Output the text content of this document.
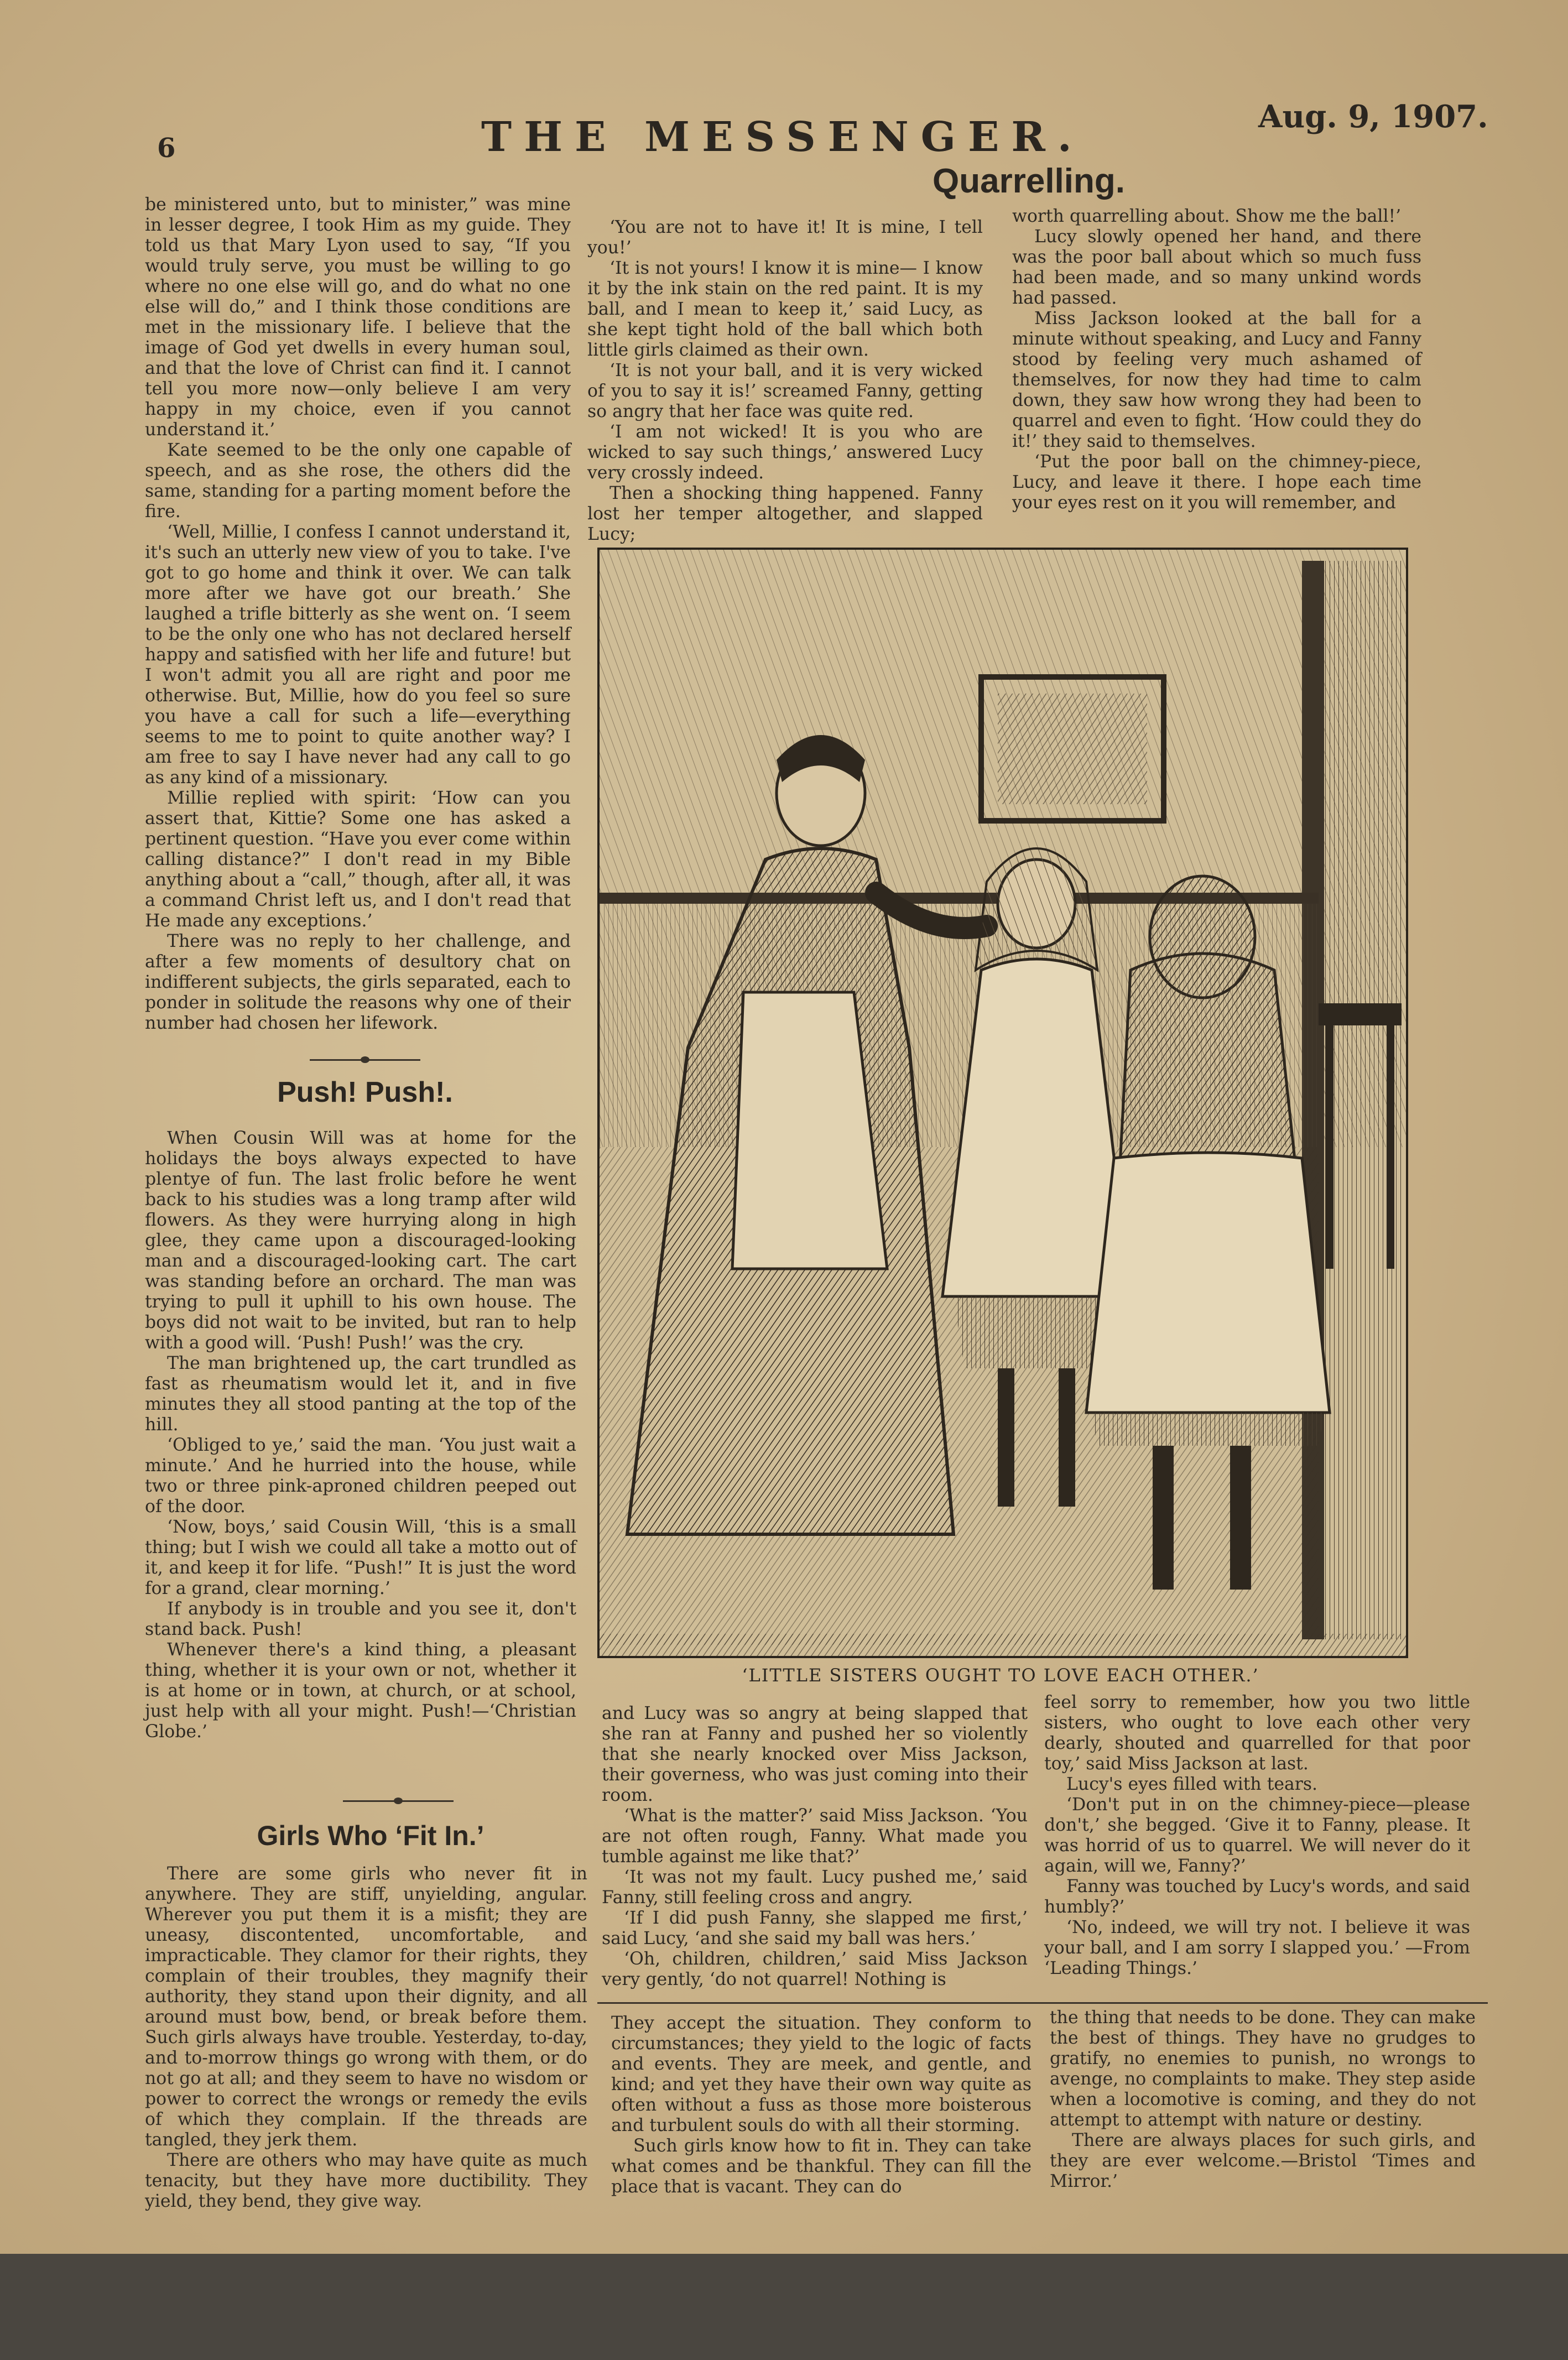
6	THE MESSENGER.	Aug. 9, 1907.

be ministered unto, but to minister,” was mine in lesser degree, I took Him as my guide. They told us that Mary Lyon used to say, “If you would truly serve, you must be willing to go where no one else will go, and do what no one else will do,” and I think those conditions are met in the missionary life. I believe that the image of God yet dwells in every human soul, and that the love of Christ can find it. I cannot tell you more now—only believe I am very happy in my choice, even if you cannot understand it.’

Kate seemed to be the only one capable of speech, and as she rose, the others did the same, standing for a parting moment before the fire.

‘Well, Millie, I confess I cannot understand it, it's such an utterly new view of you to take. I've got to go home and think it over. We can talk more after we have got our breath.’ She laughed a trifle bitterly as she went on. ‘I seem to be the only one who has not declared herself happy and satisfied with her life and future! but I won't admit you all are right and poor me otherwise. But, Millie, how do you feel so sure you have a call for such a life—everything seems to me to point to quite another way? I am free to say I have never had any call to go as any kind of a missionary.

Millie replied with spirit: ‘How can you assert that, Kittie? Some one has asked a pertinent question. “Have you ever come within calling distance?” I don't read in my Bible anything about a “call,” though, after all, it was a command Christ left us, and I don't read that He made any exceptions.’

There was no reply to her challenge, and after a few moments of desultory chat on indifferent subjects, the girls separated, each to ponder in solitude the reasons why one of their number had chosen her lifework.

Push! Push!.

When Cousin Will was at home for the holidays the boys always expected to have plentye of fun. The last frolic before he went back to his studies was a long tramp after wild flowers. As they were hurrying along in high glee, they came upon a discouraged-looking man and a discouraged-looking cart. The cart was standing before an orchard. The man was trying to pull it uphill to his own house. The boys did not wait to be invited, but ran to help with a good will. ‘Push! Push!’ was the cry.

The man brightened up, the cart trundled as fast as rheumatism would let it, and in five minutes they all stood panting at the top of the hill.

‘Obliged to ye,’ said the man. ‘You just wait a minute.’ And he hurried into the house, while two or three pink-aproned children peeped out of the door.

‘Now, boys,’ said Cousin Will, ‘this is a small thing; but I wish we could all take a motto out of it, and keep it for life. “Push!” It is just the word for a grand, clear morning.’

If anybody is in trouble and you see it, don't stand back. Push!

Whenever there's a kind thing, a pleasant thing, whether it is your own or not, whether it is at home or in town, at church, or at school, just help with all your might. Push!—‘Christian Globe.’

Girls Who ‘Fit In.’

There are some girls who never fit in anywhere. They are stiff, unyielding, angular. Wherever you put them it is a misfit; they are uneasy, discontented, uncomfortable, and impracticable. They clamor for their rights, they complain of their troubles, they magnify their authority, they stand upon their dignity, and all around must bow, bend, or break before them. Such girls always have trouble. Yesterday, to-day, and to-morrow things go wrong with them, or do not go at all; and they seem to have no wisdom or power to correct the wrongs or remedy the evils of which they complain. If the threads are tangled, they jerk them.

There are others who may have quite as much tenacity, but they have more ductibility. They yield, they bend, they give way.

Quarrelling.

‘You are not to have it! It is mine, I tell you!’

‘It is not yours! I know it is mine— I know it by the ink stain on the red paint. It is my ball, and I mean to keep it,’ said Lucy, as she kept tight hold of the ball which both little girls claimed as their own.

‘It is not your ball, and it is very wicked of you to say it is!’ screamed Fanny, getting so angry that her face was quite red.

‘I am not wicked! It is you who are wicked to say such things,’ answered Lucy very crossly indeed.

Then a shocking thing happened. Fanny lost her temper altogether, and slapped Lucy;

worth quarrelling about. Show me the ball!’

Lucy slowly opened her hand, and there was the poor ball about which so much fuss had been made, and so many unkind words had passed.

Miss Jackson looked at the ball for a minute without speaking, and Lucy and Fanny stood by feeling very much ashamed of themselves, for now they had time to calm down, they saw how wrong they had been to quarrel and even to fight. ‘How could they do it!’ they said to themselves.

‘Put the poor ball on the chimney-piece, Lucy, and leave it there. I hope each time your eyes rest on it you will remember, and

‘LITTLE SISTERS OUGHT TO LOVE EACH OTHER.’

and Lucy was so angry at being slapped that she ran at Fanny and pushed her so violently that she nearly knocked over Miss Jackson, their governess, who was just coming into their room.

‘What is the matter?’ said Miss Jackson. ‘You are not often rough, Fanny. What made you tumble against me like that?’

‘It was not my fault. Lucy pushed me,’ said Fanny, still feeling cross and angry.

‘If I did push Fanny, she slapped me first,’ said Lucy, ‘and she said my ball was hers.’

‘Oh, children, children,’ said Miss Jackson very gently, ‘do not quarrel! Nothing is

feel sorry to remember, how you two little sisters, who ought to love each other very dearly, shouted and quarrelled for that poor toy,’ said Miss Jackson at last.

Lucy's eyes filled with tears.

‘Don't put in on the chimney-piece—please don't,’ she begged. ‘Give it to Fanny, please. It was horrid of us to quarrel. We will never do it again, will we, Fanny?’

Fanny was touched by Lucy's words, and said humbly?’

‘No, indeed, we will try not. I believe it was your ball, and I am sorry I slapped you.’ —From ‘Leading Things.’

They accept the situation. They conform to circumstances; they yield to the logic of facts and events. They are meek, and gentle, and kind; and yet they have their own way quite as often without a fuss as those more boisterous and turbulent souls do with all their storming.

Such girls know how to fit in. They can take what comes and be thankful. They can fill the place that is vacant. They can do

the thing that needs to be done. They can make the best of things. They have no grudges to gratify, no enemies to punish, no wrongs to avenge, no complaints to make. They step aside when a locomotive is coming, and they do not attempt to attempt with nature or destiny.

There are always places for such girls, and they are ever welcome.—Bristol ‘Times and Mirror.’
